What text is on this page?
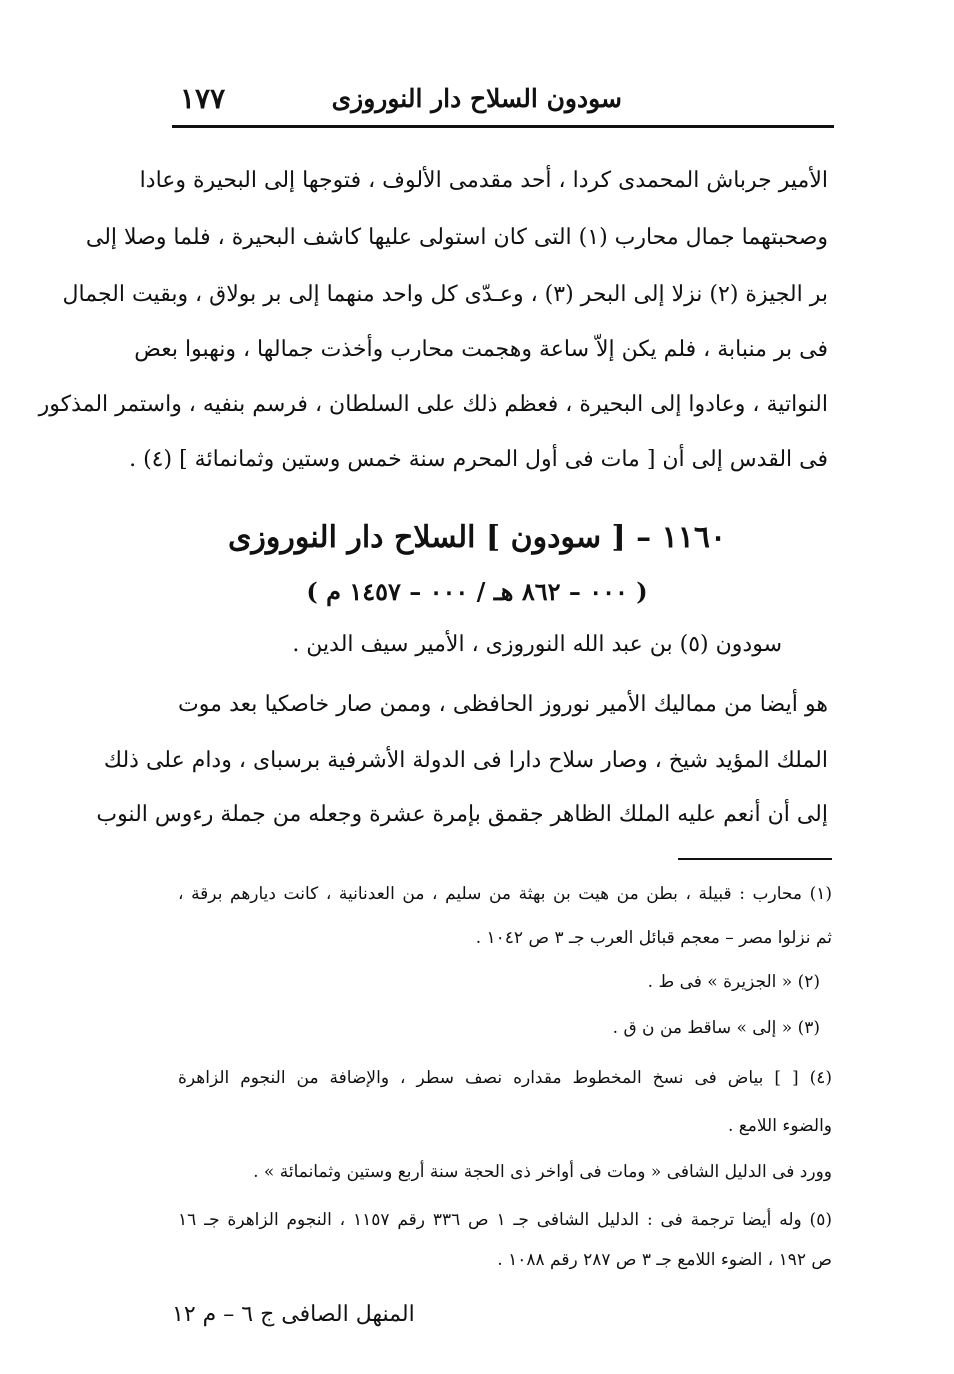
سودون السلاح دار النوروزى
١٧٧
الأمير جرباش المحمدى كردا ، أحد مقدمى الألوف ، فتوجها إلى البحيرة وعادا
وصحبتهما جمال محارب (١) التى كان استولى عليها كاشف البحيرة ، فلما وصلا إلى
بر الجيزة (٢) نزلا إلى البحر (٣) ، وعـدّى كل واحد منهما إلى بر بولاق ، وبقيت الجمال
فى بر منبابة ، فلم يكن إلاّ ساعة وهجمت محارب وأخذت جمالها ، ونهبوا بعض
النواتية ، وعادوا إلى البحيرة ، فعظم ذلك على السلطان ، فرسم بنفيه ، واستمر المذكور
فى القدس إلى أن [ مات فى أول المحرم سنة خمس وستين وثمانمائة ] (٤) .
١١٦٠ – [ سودون ] السلاح دار النوروزى
( ٠٠٠ – ٨٦٢ هـ / ٠٠٠ – ١٤٥٧ م )
سودون (٥) بن عبد الله النوروزى ، الأمير سيف الدين .
هو أيضا من مماليك الأمير نوروز الحافظى ، وممن صار خاصكيا بعد موت
الملك المؤيد شيخ ، وصار سلاح دارا فى الدولة الأشرفية برسباى ، ودام على ذلك
إلى أن أنعم عليه الملك الظاهر جقمق بإمرة عشرة وجعله من جملة رءوس النوب
(١) محارب : قبيلة ، بطن من هيت بن بهثة من سليم ، من العدنانية ، كانت ديارهم برقة ،
ثم نزلوا مصر – معجم قبائل العرب جـ ٣ ص ١٠٤٢ .
(٢) « الجزيرة » فى ط .
(٣) « إلى » ساقط من ن ق .
(٤) [ ] بياض فى نسخ المخطوط مقداره نصف سطر ، والإضافة من النجوم الزاهرة
والضوء اللامع .
وورد فى الدليل الشافى « ومات فى أواخر ذى الحجة سنة أربع وستين وثمانمائة » .
(٥) وله أيضا ترجمة فى : الدليل الشافى جـ ١ ص ٣٣٦ رقم ١١٥٧ ، النجوم الزاهرة جـ ١٦
ص ١٩٢ ، الضوء اللامع جـ ٣ ص ٢٨٧ رقم ١٠٨٨ .
المنهل الصافى ج ٦ – م ١٢
